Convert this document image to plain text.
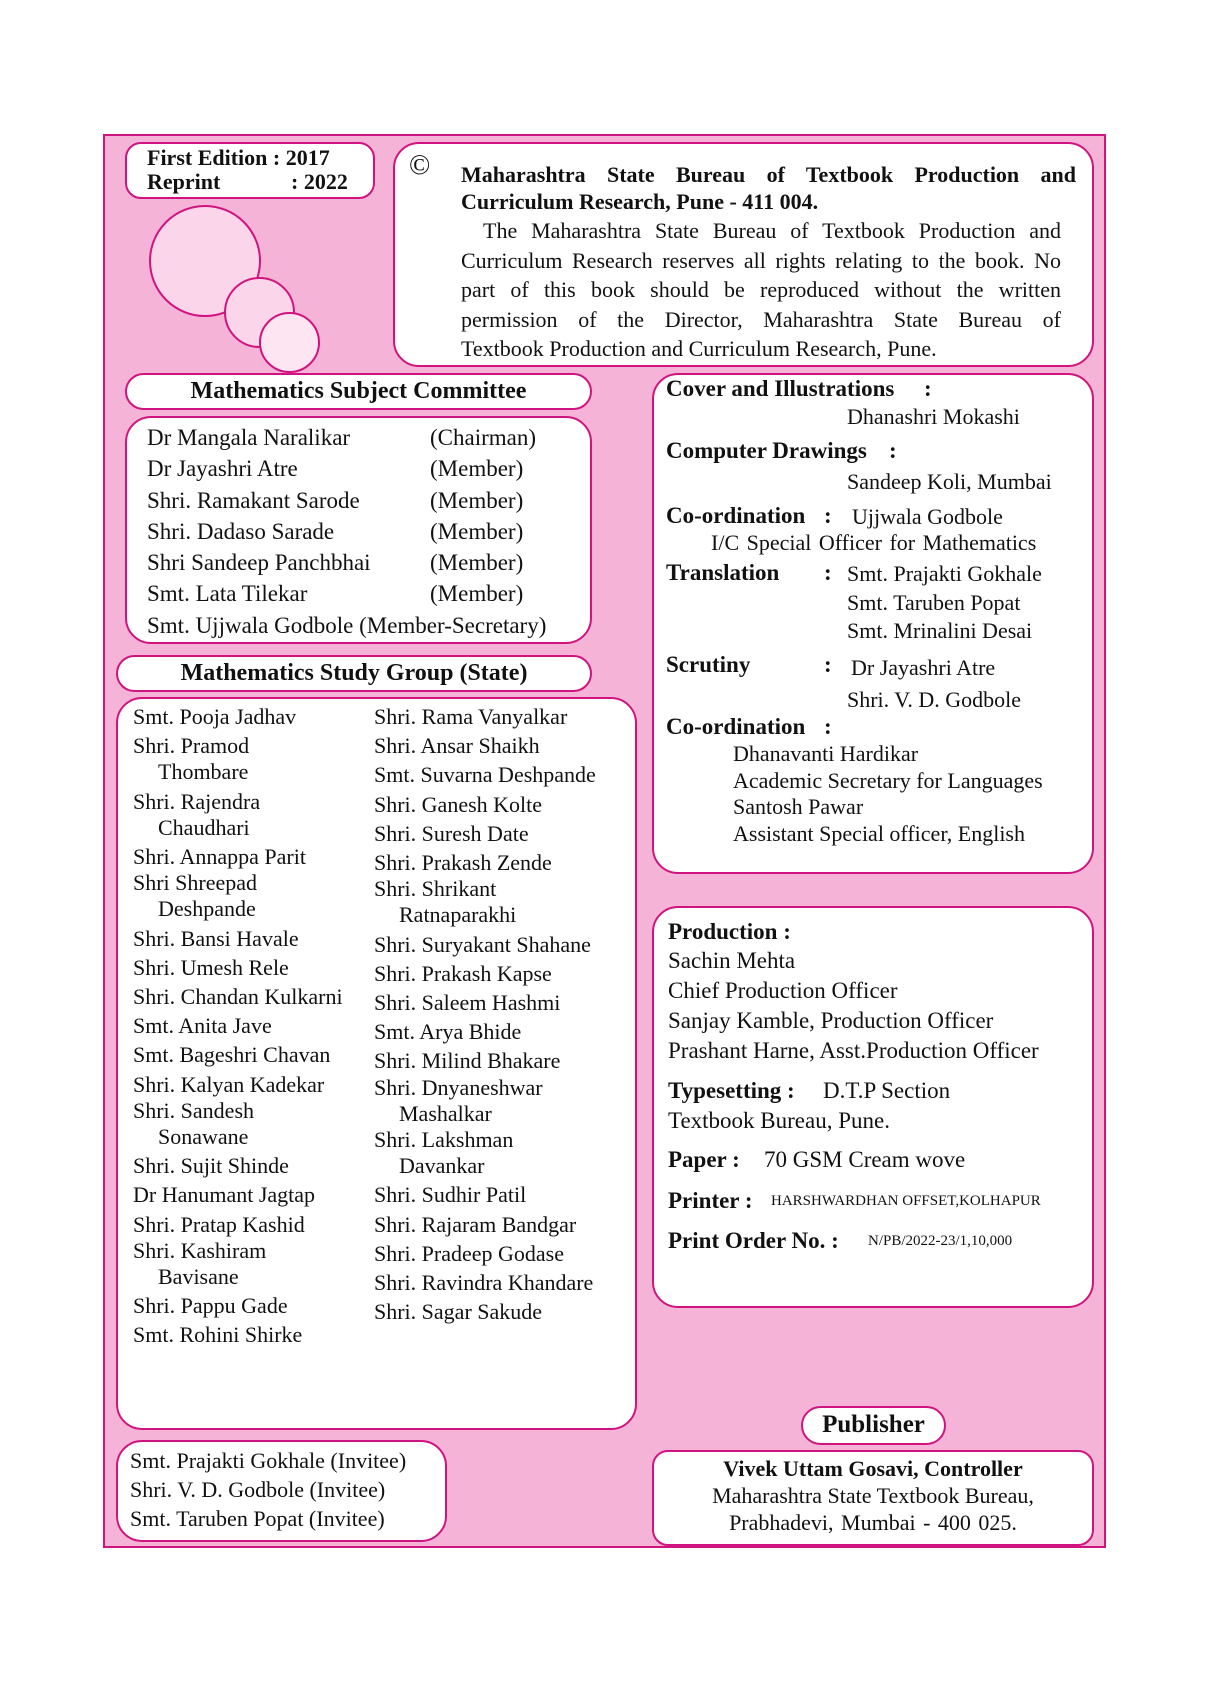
First Edition : 2017
Reprint	: 2022
© Maharashtra State Bureau of Textbook Production and
Curriculum Research, Pune - 411 004.
The Maharashtra State Bureau of Textbook Production and
Curriculum Research reserves all rights relating to the book. No
part of this book should be reproduced without the written
permission of the Director, Maharashtra State Bureau of
Textbook Production and Curriculum Research, Pune.
Mathematics Subject Committee
Dr Mangala Naralikar	(Chairman)
Dr Jayashri Atre	(Member)
Shri. Ramakant Sarode	(Member)
Shri. Dadaso Sarade	(Member)
Shri Sandeep Panchbhai	(Member)
Smt. Lata Tilekar	(Member)
Smt. Ujjwala Godbole (Member-Secretary)
Mathematics Study Group (State)
Smt. Pooja Jadhav
Shri. Pramod
Thombare
Shri. Rajendra
Chaudhari
Shri. Annappa Parit
Shri Shreepad
Deshpande
Shri. Bansi Havale
Shri. Umesh Rele
Shri. Chandan Kulkarni
Smt. Anita Jave
Smt. Bageshri Chavan
Shri. Kalyan Kadekar
Shri. Sandesh
Sonawane
Shri. Sujit Shinde
Dr Hanumant Jagtap
Shri. Pratap Kashid
Shri. Kashiram
Bavisane
Shri. Pappu Gade
Smt. Rohini Shirke
Shri. Rama Vanyalkar
Shri. Ansar Shaikh
Smt. Suvarna Deshpande
Shri. Ganesh Kolte
Shri. Suresh Date
Shri. Prakash Zende
Shri. Shrikant
Ratnaparakhi
Shri. Suryakant Shahane
Shri. Prakash Kapse
Shri. Saleem Hashmi
Smt. Arya Bhide
Shri. Milind Bhakare
Shri. Dnyaneshwar
Mashalkar
Shri. Lakshman
Davankar
Shri. Sudhir Patil
Shri. Rajaram Bandgar
Shri. Pradeep Godase
Shri. Ravindra Khandare
Shri. Sagar Sakude
Smt. Prajakti Gokhale (Invitee)
Shri. V. D. Godbole (Invitee)
Smt. Taruben Popat (Invitee)
Cover and Illustrations :
Dhanashri Mokashi
Computer Drawings :
Sandeep Koli, Mumbai
Co-ordination : Ujjwala Godbole
I/C Special Officer for Mathematics
Translation : Smt. Prajakti Gokhale
Smt. Taruben Popat
Smt. Mrinalini Desai
Scrutiny	: Dr Jayashri Atre
Shri. V. D. Godbole
Co-ordination :
Dhanavanti Hardikar
Academic Secretary for Languages
Santosh Pawar
Assistant Special officer, English
Production :
Sachin Mehta
Chief Production Officer
Sanjay Kamble, Production Officer
Prashant Harne, Asst.Production Officer
Typesetting : D.T.P Section
Textbook Bureau, Pune.
Paper : 70 GSM Cream wove
Printer : HARSHWARDHAN OFFSET,KOLHAPUR
Print Order No. : N/PB/2022-23/1,10,000
Publisher
Vivek Uttam Gosavi, Controller
Maharashtra State Textbook Bureau,
Prabhadevi, Mumbai - 400 025.
